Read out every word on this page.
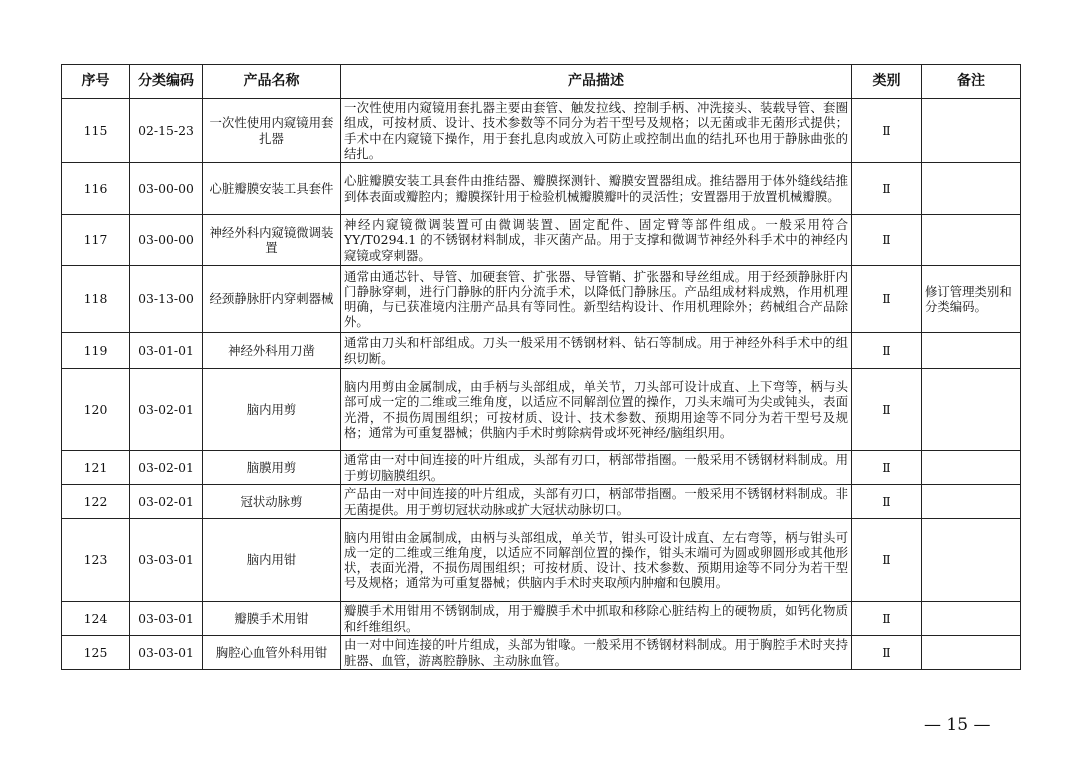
序号	分类编码	产品名称	产品描述	类别	备注
115	02-15-23	一次性使用内窥镜用套扎器	一次性使用内窥镜用套扎器主要由套管、触发拉线、控制手柄、冲洗接头、装载导管、套圈组成，可按材质、设计、技术参数等不同分为若干型号及规格；以无菌或非无菌形式提供；手术中在内窥镜下操作，用于套扎息肉或放入可防止或控制出血的结扎环也用于静脉曲张的结扎。	Ⅱ	
116	03-00-00	心脏瓣膜安装工具套件	心脏瓣膜安装工具套件由推结器、瓣膜探测针、瓣膜安置器组成。推结器用于体外缝线结推到体表面或瓣腔内；瓣膜探针用于检验机械瓣膜瓣叶的灵活性；安置器用于放置机械瓣膜。	Ⅱ	
117	03-00-00	神经外科内窥镜微调装置	神经内窥镜微调装置可由微调装置、固定配件、固定臂等部件组成。一般采用符合 YY/T0294.1 的不锈钢材料制成，非灭菌产品。用于支撑和微调节神经外科手术中的神经内窥镜或穿刺器。	Ⅱ	
118	03-13-00	经颈静脉肝内穿刺器械	通常由通芯针、导管、加硬套管、扩张器、导管鞘、扩张器和导丝组成。用于经颈静脉肝内门静脉穿刺，进行门静脉的肝内分流手术，以降低门静脉压。产品组成材料成熟，作用机理明确，与已获准境内注册产品具有等同性。新型结构设计、作用机理除外；药械组合产品除外。	Ⅱ	修订管理类别和分类编码。
119	03-01-01	神经外科用刀凿	通常由刀头和杆部组成。刀头一般采用不锈钢材料、钻石等制成。用于神经外科手术中的组织切断。	Ⅱ	
120	03-02-01	脑内用剪	脑内用剪由金属制成，由手柄与头部组成，单关节，刀头部可设计成直、上下弯等，柄与头部可成一定的二维或三维角度，以适应不同解剖位置的操作，刀头末端可为尖或钝头，表面光滑，不损伤周围组织；可按材质、设计、技术参数、预期用途等不同分为若干型号及规格；通常为可重复器械；供脑内手术时剪除病骨或坏死神经/脑组织用。	Ⅱ	
121	03-02-01	脑膜用剪	通常由一对中间连接的叶片组成，头部有刃口，柄部带指圈。一般采用不锈钢材料制成。用于剪切脑膜组织。	Ⅱ	
122	03-02-01	冠状动脉剪	产品由一对中间连接的叶片组成，头部有刃口，柄部带指圈。一般采用不锈钢材料制成。非无菌提供。用于剪切冠状动脉或扩大冠状动脉切口。	Ⅱ	
123	03-03-01	脑内用钳	脑内用钳由金属制成，由柄与头部组成，单关节，钳头可设计成直、左右弯等，柄与钳头可成一定的二维或三维角度，以适应不同解剖位置的操作，钳头末端可为圆或卵圆形或其他形状，表面光滑，不损伤周围组织；可按材质、设计、技术参数、预期用途等不同分为若干型号及规格；通常为可重复器械；供脑内手术时夹取颅内肿瘤和包膜用。	Ⅱ	
124	03-03-01	瓣膜手术用钳	瓣膜手术用钳用不锈钢制成，用于瓣膜手术中抓取和移除心脏结构上的硬物质，如钙化物质和纤维组织。	Ⅱ	
125	03-03-01	胸腔心血管外科用钳	由一对中间连接的叶片组成，头部为钳喙。一般采用不锈钢材料制成。用于胸腔手术时夹持脏器、血管，游离腔静脉、主动脉血管。	Ⅱ	
— 15 —
